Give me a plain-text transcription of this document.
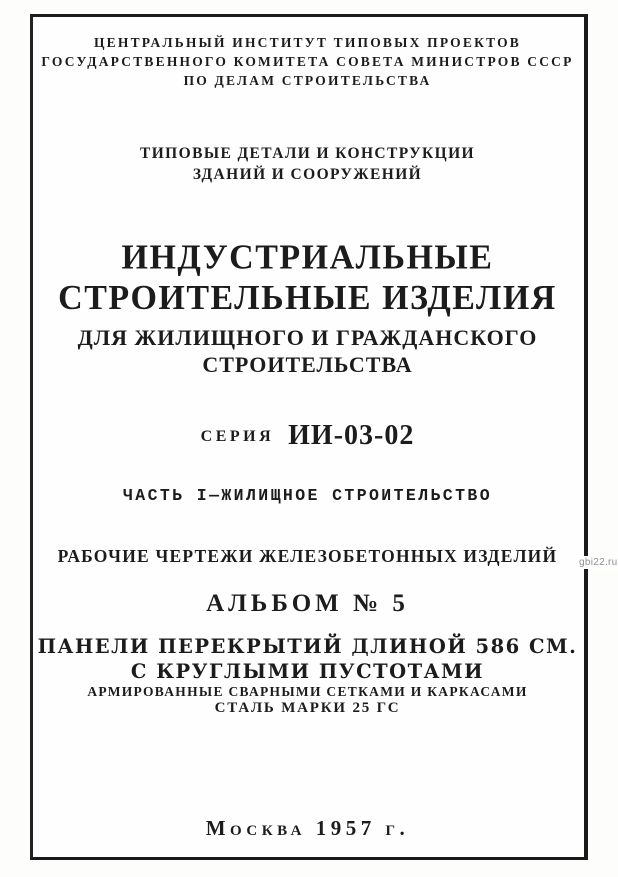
ЦЕНТРАЛЬНЫЙ ИНСТИТУТ ТИПОВЫХ ПРОЕКТОВ
ГОСУДАРСТВЕННОГО КОМИТЕТА СОВЕТА МИНИСТРОВ СССР
ПО ДЕЛАМ СТРОИТЕЛЬСТВА
ТИПОВЫЕ ДЕТАЛИ И КОНСТРУКЦИИ
ЗДАНИЙ И СООРУЖЕНИЙ
ИНДУСТРИАЛЬНЫЕ
СТРОИТЕЛЬНЫЕ ИЗДЕЛИЯ
ДЛЯ ЖИЛИЩНОГО И ГРАЖДАНСКОГО
СТРОИТЕЛЬСТВА
СЕРИЯ ИИ-03-02
ЧАСТЬ I—ЖИЛИЩНОЕ СТРОИТЕЛЬСТВО
РАБОЧИЕ ЧЕРТЕЖИ ЖЕЛЕЗОБЕТОННЫХ ИЗДЕЛИЙ
АЛЬБОМ № 5
ПАНЕЛИ ПЕРЕКРЫТИЙ ДЛИНОЙ 586 СМ.
С КРУГЛЫМИ ПУСТОТАМИ
АРМИРОВАННЫЕ СВАРНЫМИ СЕТКАМИ И КАРКАСАМИ
СТАЛЬ МАРКИ 25 ГС
Москва 1957 г.
gbi22.ru
